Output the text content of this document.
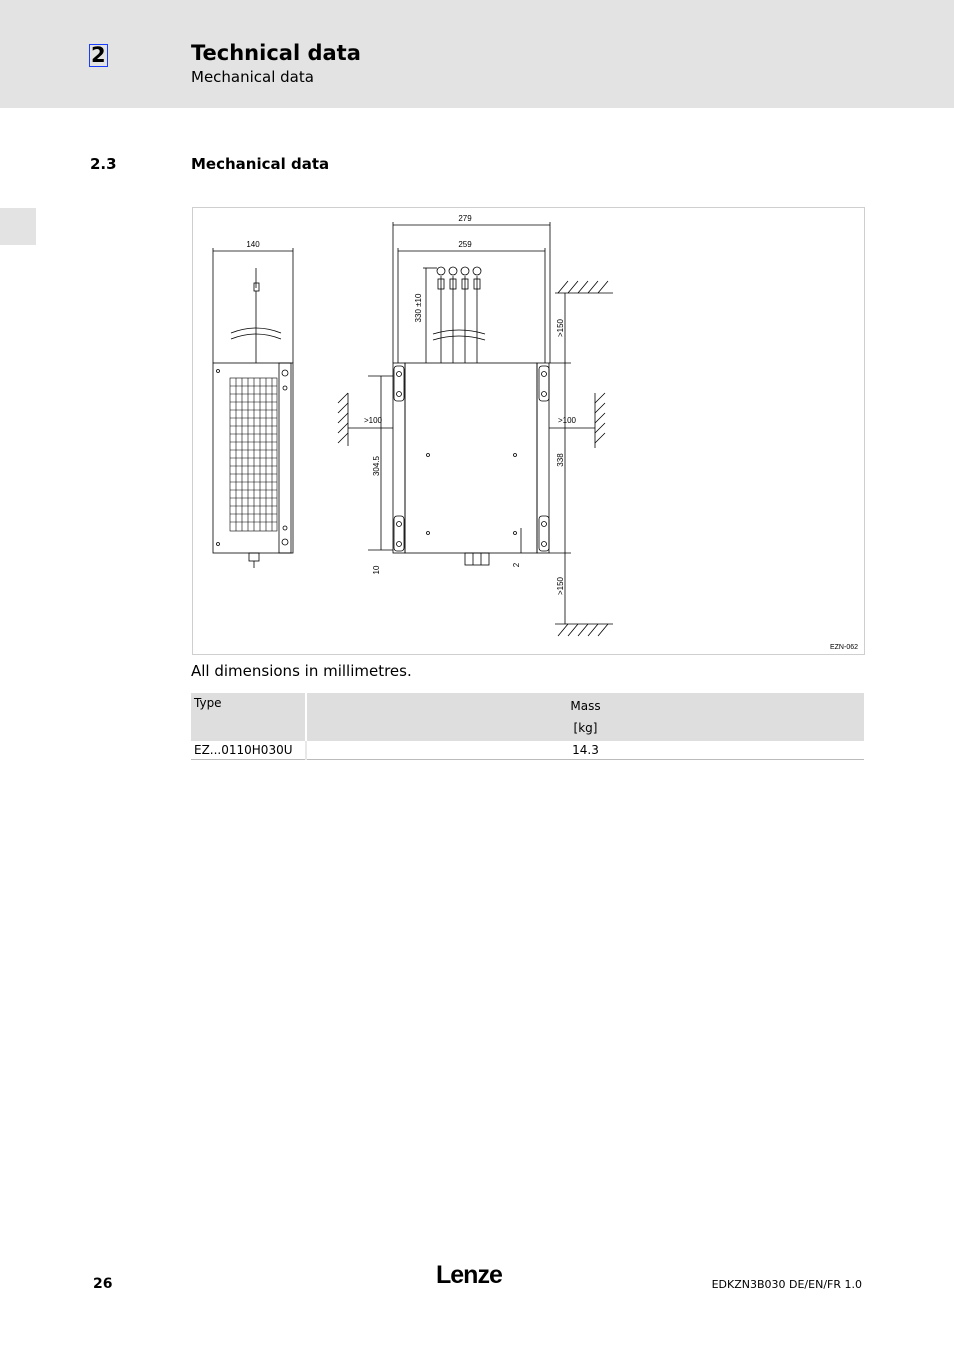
2	Technical data
Mechanical data
2.3	Mechanical data
140
279
259
330 ±10
>150
>100	>100
304.5	338
10
2
>150
EZN-062
All dimensions in millimetres.
Type	Mass
[kg]

EZ...0110H030U	14.3
26	Lenze	EDKZN3B030 DE/EN/FR 1.0
